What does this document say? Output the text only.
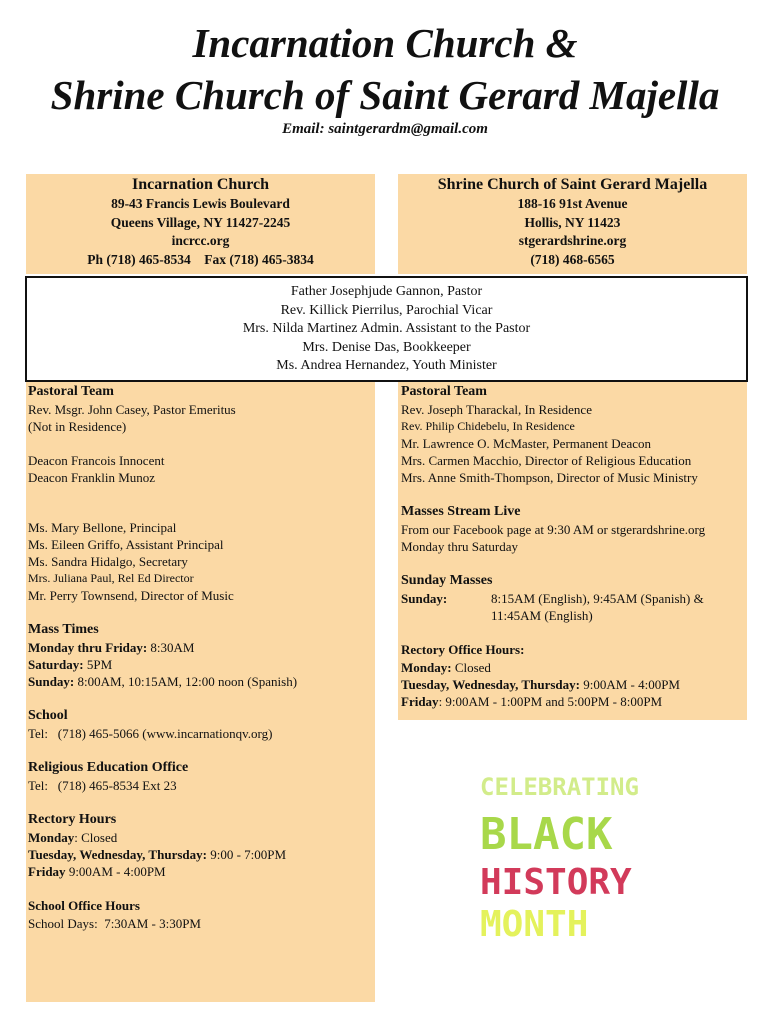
Incarnation Church &
Shrine Church of Saint Gerard Majella
Email: saintgerardm@gmail.com
Incarnation Church
89-43 Francis Lewis Boulevard
Queens Village, NY 11427-2245
incrcc.org
Ph (718) 465-8534    Fax (718) 465-3834
Shrine Church of Saint Gerard Majella
188-16 91st Avenue
Hollis, NY 11423
stgerardshrine.org
(718) 468-6565
Father Josephjude Gannon, Pastor
Rev. Killick Pierrilus, Parochial Vicar
Mrs. Nilda Martinez Admin. Assistant to the Pastor
Mrs. Denise Das, Bookkeeper
Ms. Andrea Hernandez, Youth Minister
Pastoral Team
Rev. Msgr. John Casey, Pastor Emeritus
(Not in Residence)
Deacon Francois Innocent
Deacon Franklin Munoz
Ms. Mary Bellone, Principal
Ms. Eileen Griffo, Assistant Principal
Ms. Sandra Hidalgo, Secretary
Mrs. Juliana Paul, Rel Ed Director
Mr. Perry Townsend, Director of Music
Mass Times
Monday thru Friday: 8:30AM
Saturday: 5PM
Sunday: 8:00AM, 10:15AM, 12:00 noon (Spanish)
School
Tel:   (718) 465-5066 (www.incarnationqv.org)
Religious Education Office
Tel:   (718) 465-8534 Ext 23
Rectory Hours
Monday: Closed
Tuesday, Wednesday, Thursday: 9:00 - 7:00PM
Friday 9:00AM - 4:00PM
School Office Hours
School Days:  7:30AM - 3:30PM
Pastoral Team
Rev. Joseph Tharackal, In Residence
Rev. Philip Chidebelu, In Residence
Mr. Lawrence O. McMaster, Permanent Deacon
Mrs. Carmen Macchio, Director of Religious Education
Mrs. Anne Smith-Thompson, Director of Music Ministry
Masses Stream Live
From our Facebook page at 9:30 AM or stgerardshrine.org
Monday thru Saturday
Sunday Masses
Sunday:	8:15AM (English), 9:45AM (Spanish) &
11:45AM (English)
Rectory Office Hours:
Monday: Closed
Tuesday, Wednesday, Thursday: 9:00AM - 4:00PM
Friday: 9:00AM - 1:00PM and 5:00PM - 8:00PM
CELEBRATING
BLACK
HISTORY
MONTH
